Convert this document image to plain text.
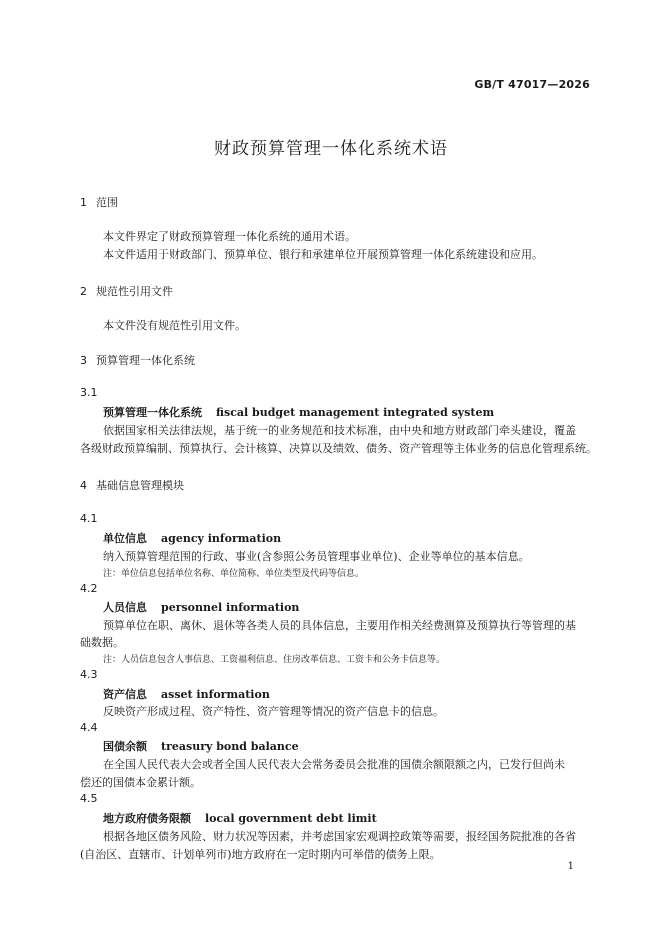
GB/T 47017—2026
财政预算管理一体化系统术语
1 范围
本文件界定了财政预算管理一体化系统的通用术语。
本文件适用于财政部门、预算单位、银行和承建单位开展预算管理一体化系统建设和应用。
2 规范性引用文件
本文件没有规范性引用文件。
3 预算管理一体化系统
3.1
预算管理一体化系统 fiscal budget management integrated system
依据国家相关法律法规，基于统一的业务规范和技术标准，由中央和地方财政部门牵头建设，覆盖
各级财政预算编制、预算执行、会计核算、决算以及绩效、债务、资产管理等主体业务的信息化管理系统。
4 基础信息管理模块
4.1
单位信息 agency information
纳入预算管理范围的行政、事业(含参照公务员管理事业单位)、企业等单位的基本信息。
注：单位信息包括单位名称、单位简称、单位类型及代码等信息。
4.2
人员信息 personnel information
预算单位在职、离休、退休等各类人员的具体信息，主要用作相关经费测算及预算执行等管理的基
础数据。
注：人员信息包含人事信息、工资福利信息、住房改革信息、工资卡和公务卡信息等。
4.3
资产信息 asset information
反映资产形成过程、资产特性、资产管理等情况的资产信息卡的信息。
4.4
国债余额 treasury bond balance
在全国人民代表大会或者全国人民代表大会常务委员会批准的国债余额限额之内，已发行但尚未
偿还的国债本金累计额。
4.5
地方政府债务限额 local government debt limit
根据各地区债务风险、财力状况等因素，并考虑国家宏观调控政策等需要，报经国务院批准的各省
(自治区、直辖市、计划单列市)地方政府在一定时期内可举借的债务上限。
1
